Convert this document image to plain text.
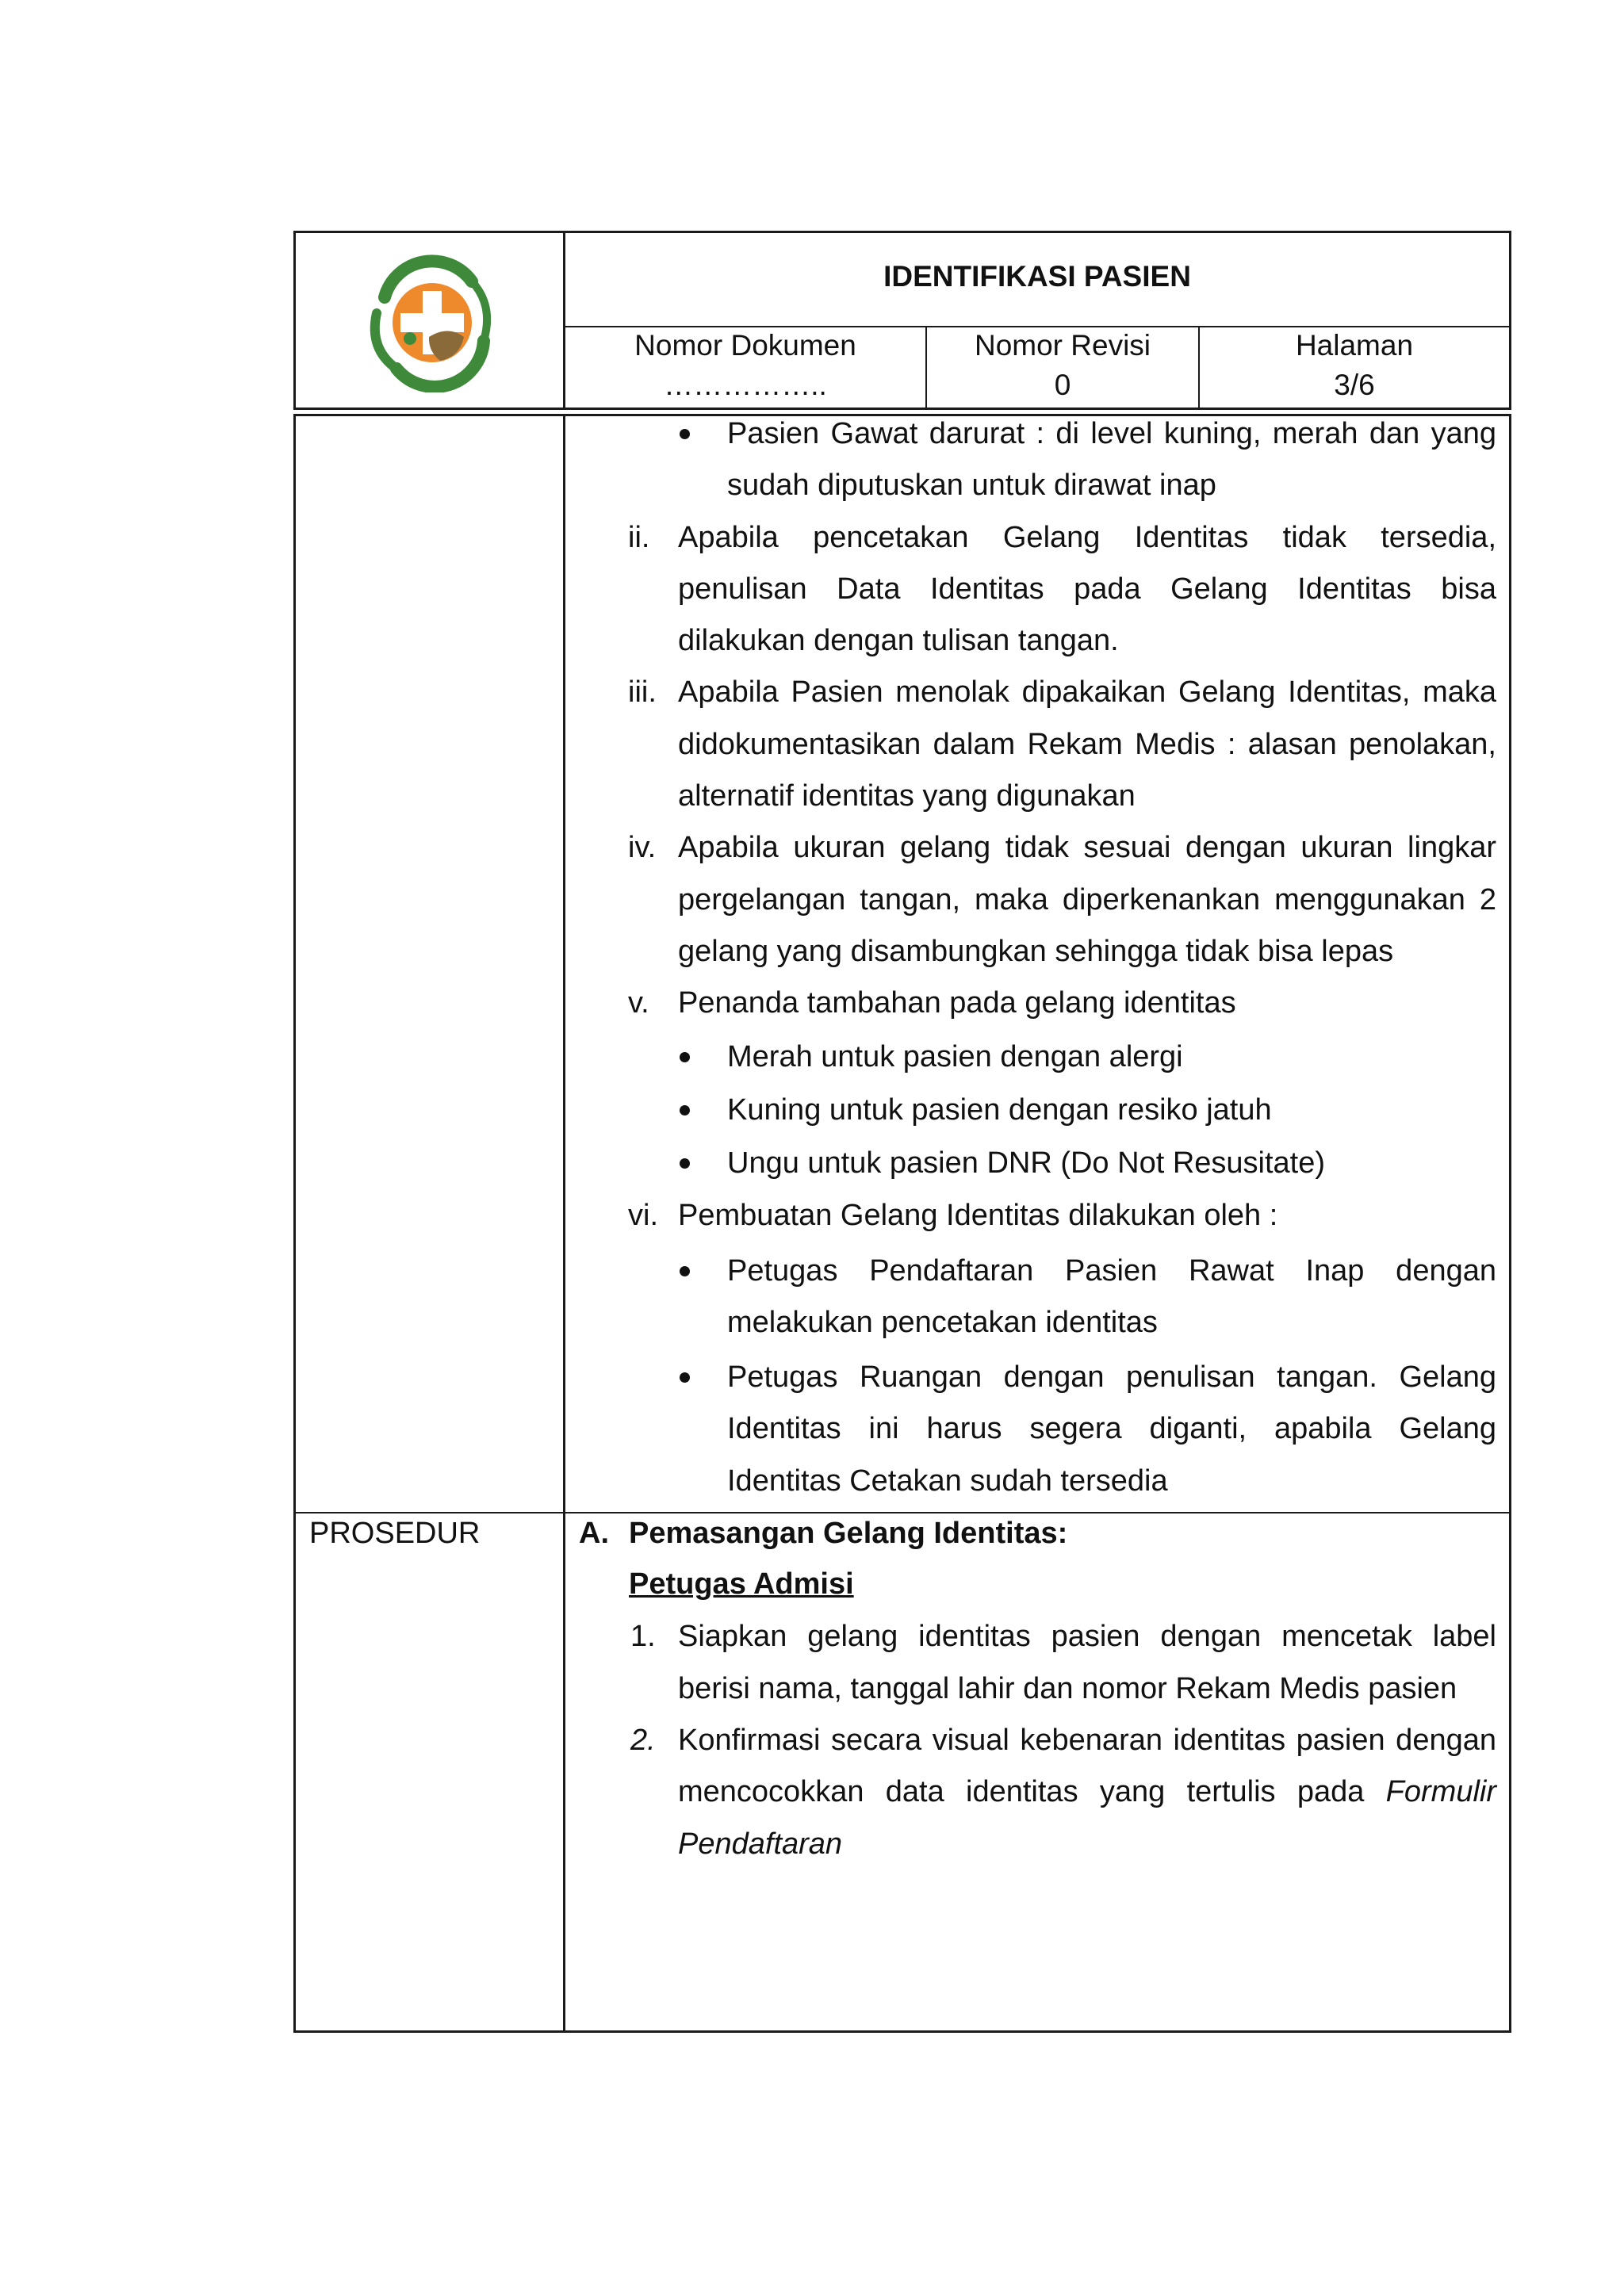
IDENTIFIKASI PASIEN
Nomor Dokumen
……………..
Nomor Revisi
0
Halaman
3/6
Pasien Gawat darurat : di level kuning, merah dan yang
sudah diputuskan untuk dirawat inap
ii. Apabila pencetakan Gelang Identitas tidak tersedia,
penulisan Data Identitas pada Gelang Identitas bisa
dilakukan dengan tulisan tangan.
iii. Apabila Pasien menolak dipakaikan Gelang Identitas, maka
didokumentasikan dalam Rekam Medis : alasan penolakan,
alternatif identitas yang digunakan
iv. Apabila ukuran gelang tidak sesuai dengan ukuran lingkar
pergelangan tangan, maka diperkenankan menggunakan 2
gelang yang disambungkan sehingga tidak bisa lepas
v. Penanda tambahan pada gelang identitas
Merah untuk pasien dengan alergi
Kuning untuk pasien dengan resiko jatuh
Ungu untuk pasien DNR (Do Not Resusitate)
vi. Pembuatan Gelang Identitas dilakukan oleh :
Petugas Pendaftaran Pasien Rawat Inap dengan
melakukan pencetakan identitas
Petugas Ruangan dengan penulisan tangan. Gelang
Identitas ini harus segera diganti, apabila Gelang
Identitas Cetakan sudah tersedia
PROSEDUR	A. Pemasangan Gelang Identitas:
Petugas Admisi
1. Siapkan gelang identitas pasien dengan mencetak label
berisi nama, tanggal lahir dan nomor Rekam Medis pasien
2. Konfirmasi secara visual kebenaran identitas pasien dengan
mencocokkan data identitas yang tertulis pada Formulir
Pendaftaran
